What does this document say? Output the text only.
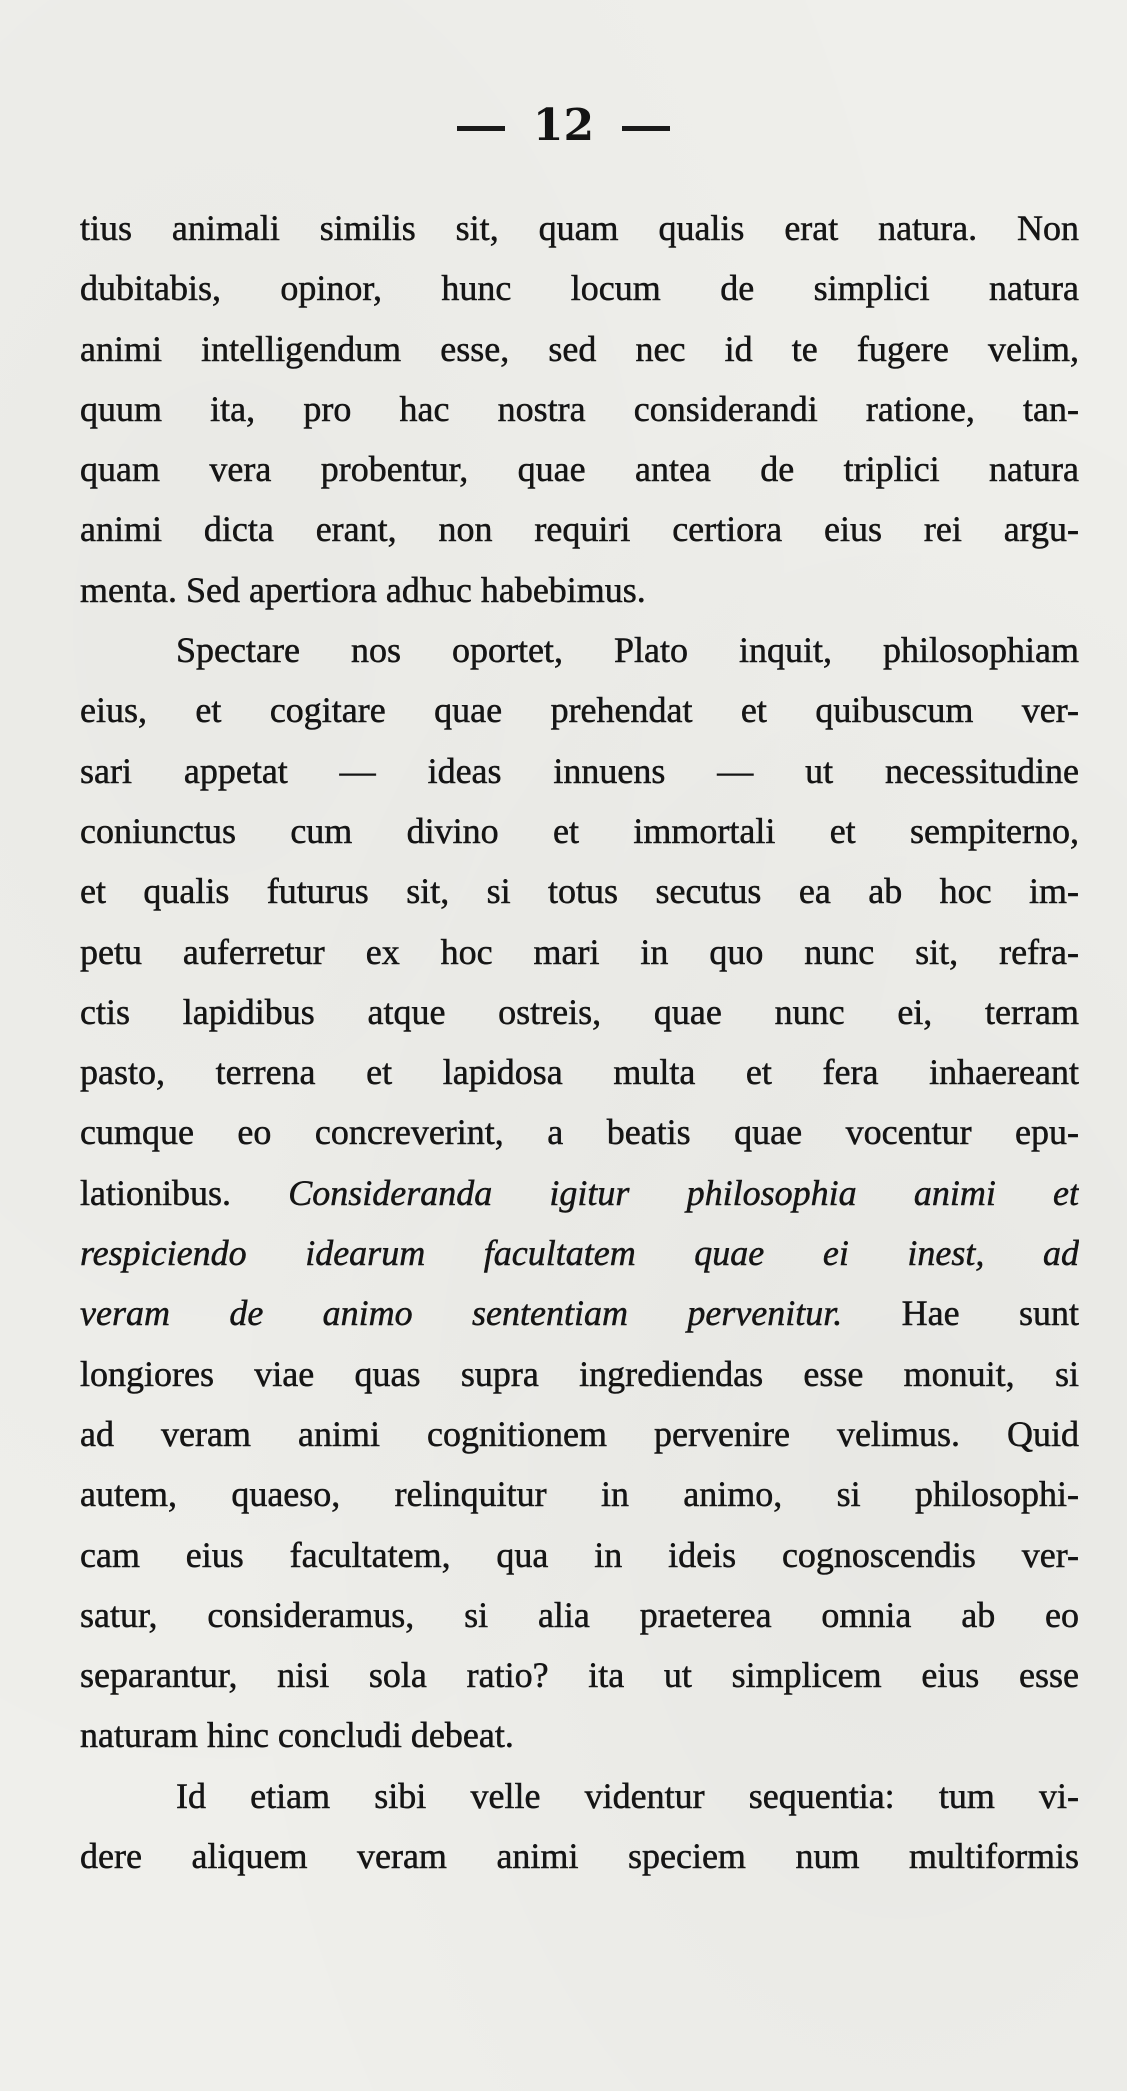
12
tius animali similis sit, quam qualis erat natura. Non
dubitabis, opinor, hunc locum de simplici natura
animi intelligendum esse, sed nec id te fugere velim,
quum ita, pro hac nostra considerandi ratione, tan-
quam vera probentur, quae antea de triplici natura
animi dicta erant, non requiri certiora eius rei argu-
menta. Sed apertiora adhuc habebimus.
Spectare nos oportet, Plato inquit, philosophiam
eius, et cogitare quae prehendat et quibuscum ver-
sari appetat — ideas innuens — ut necessitudine
coniunctus cum divino et immortali et sempiterno,
et qualis futurus sit, si totus secutus ea ab hoc im-
petu auferretur ex hoc mari in quo nunc sit, refra-
ctis lapidibus atque ostreis, quae nunc ei, terram
pasto, terrena et lapidosa multa et fera inhaereant
cumque eo concreverint, a beatis quae vocentur epu-
lationibus. Consideranda igitur philosophia animi et
respiciendo idearum facultatem quae ei inest, ad
veram de animo sententiam pervenitur. Hae sunt
longiores viae quas supra ingrediendas esse monuit, si
ad veram animi cognitionem pervenire velimus. Quid
autem, quaeso, relinquitur in animo, si philosophi-
cam eius facultatem, qua in ideis cognoscendis ver-
satur, consideramus, si alia praeterea omnia ab eo
separantur, nisi sola ratio? ita ut simplicem eius esse
naturam hinc concludi debeat.
Id etiam sibi velle videntur sequentia: tum vi-
dere aliquem veram animi speciem num multiformis
